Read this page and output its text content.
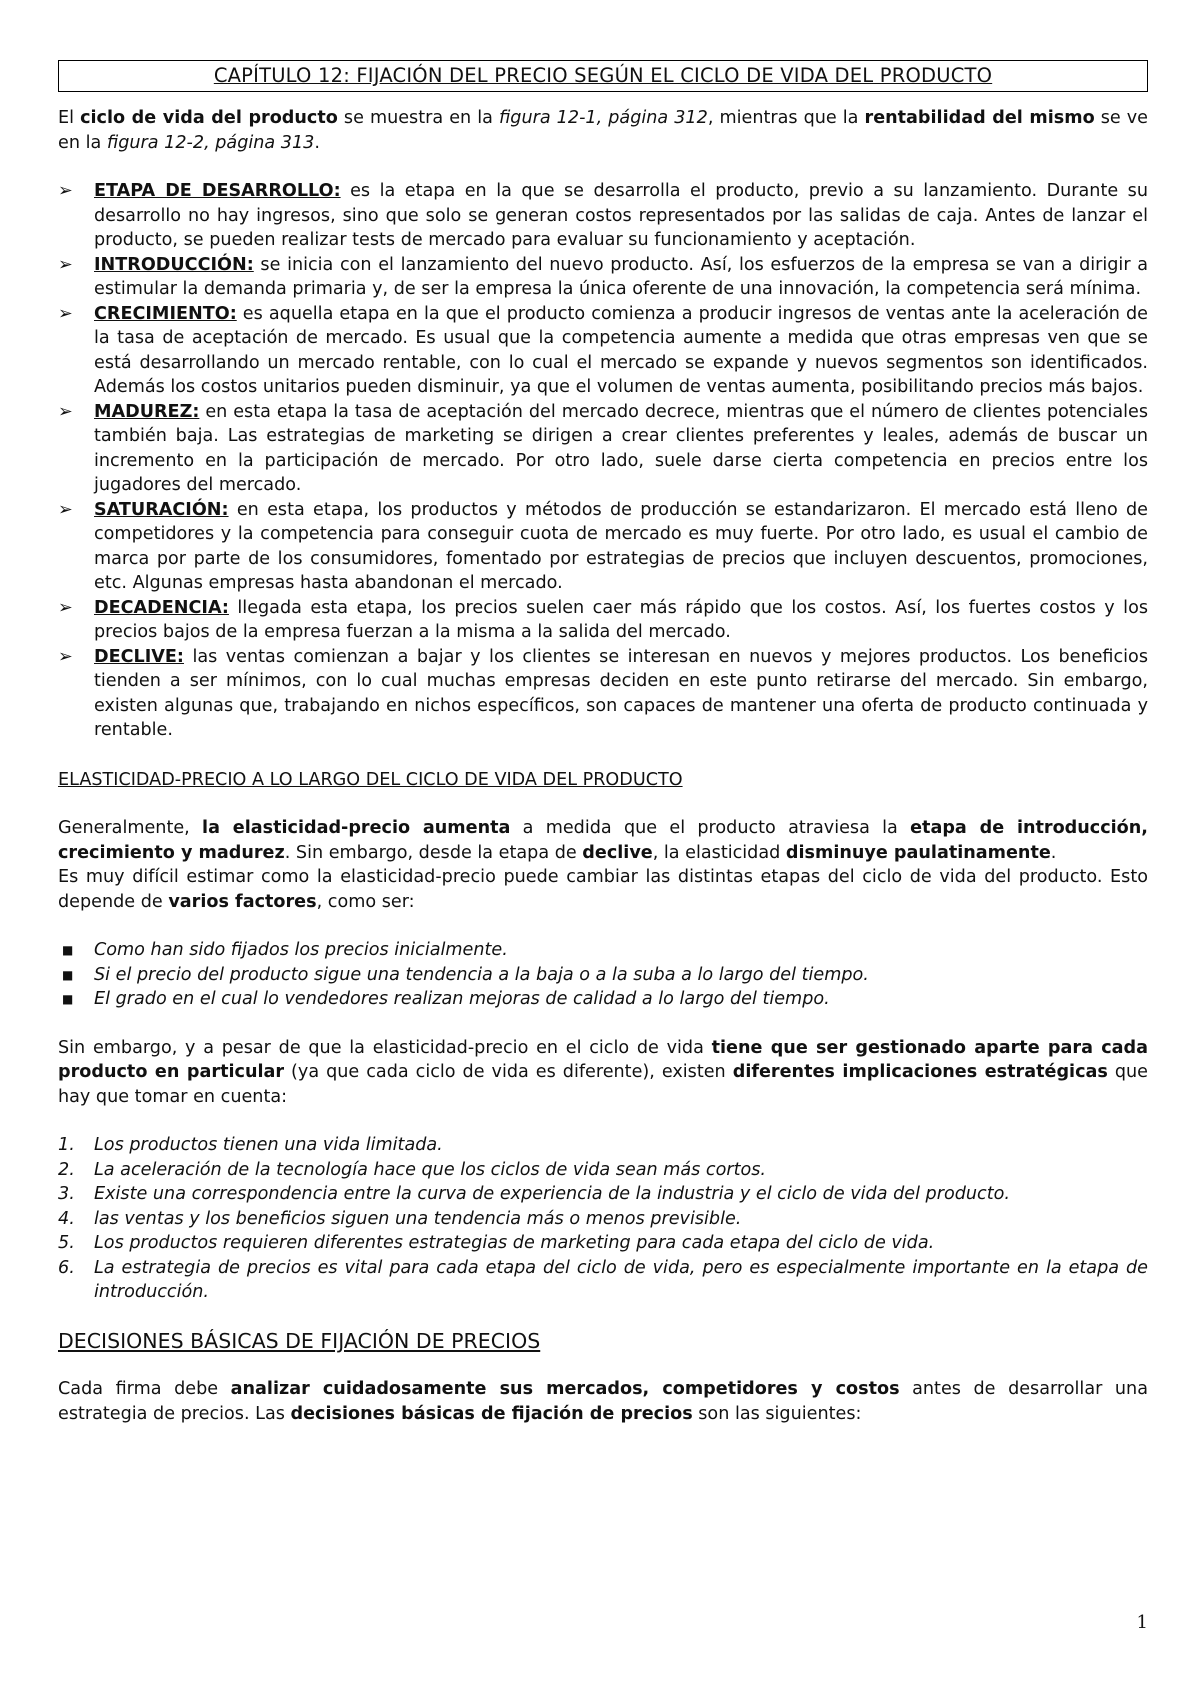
CAPÍTULO 12: FIJACIÓN DEL PRECIO SEGÚN EL CICLO DE VIDA DEL PRODUCTO

El ciclo de vida del producto se muestra en la figura 12-1, página 312, mientras que la rentabilidad del mismo se ve en la figura 12-2, página 313.

➢ ETAPA DE DESARROLLO: es la etapa en la que se desarrolla el producto, previo a su lanzamiento. Durante su desarrollo no hay ingresos, sino que solo se generan costos representados por las salidas de caja. Antes de lanzar el producto, se pueden realizar tests de mercado para evaluar su funcionamiento y aceptación.
➢ INTRODUCCIÓN: se inicia con el lanzamiento del nuevo producto. Así, los esfuerzos de la empresa se van a dirigir a estimular la demanda primaria y, de ser la empresa la única oferente de una innovación, la competencia será mínima.
➢ CRECIMIENTO: es aquella etapa en la que el producto comienza a producir ingresos de ventas ante la aceleración de la tasa de aceptación de mercado. Es usual que la competencia aumente a medida que otras empresas ven que se está desarrollando un mercado rentable, con lo cual el mercado se expande y nuevos segmentos son identificados. Además los costos unitarios pueden disminuir, ya que el volumen de ventas aumenta, posibilitando precios más bajos.
➢ MADUREZ: en esta etapa la tasa de aceptación del mercado decrece, mientras que el número de clientes potenciales también baja. Las estrategias de marketing se dirigen a crear clientes preferentes y leales, además de buscar un incremento en la participación de mercado. Por otro lado, suele darse cierta competencia en precios entre los jugadores del mercado.
➢ SATURACIÓN: en esta etapa, los productos y métodos de producción se estandarizaron. El mercado está lleno de competidores y la competencia para conseguir cuota de mercado es muy fuerte. Por otro lado, es usual el cambio de marca por parte de los consumidores, fomentado por estrategias de precios que incluyen descuentos, promociones, etc. Algunas empresas hasta abandonan el mercado.
➢ DECADENCIA: llegada esta etapa, los precios suelen caer más rápido que los costos. Así, los fuertes costos y los precios bajos de la empresa fuerzan a la misma a la salida del mercado.
➢ DECLIVE: las ventas comienzan a bajar y los clientes se interesan en nuevos y mejores productos. Los beneficios tienden a ser mínimos, con lo cual muchas empresas deciden en este punto retirarse del mercado. Sin embargo, existen algunas que, trabajando en nichos específicos, son capaces de mantener una oferta de producto continuada y rentable.
ELASTICIDAD-PRECIO A LO LARGO DEL CICLO DE VIDA DEL PRODUCTO

Generalmente, la elasticidad-precio aumenta a medida que el producto atraviesa la etapa de introducción, crecimiento y madurez. Sin embargo, desde la etapa de declive, la elasticidad disminuye paulatinamente.

Es muy difícil estimar como la elasticidad-precio puede cambiar las distintas etapas del ciclo de vida del producto. Esto depende de varios factores, como ser:

■ Como han sido fijados los precios inicialmente.
■ Si el precio del producto sigue una tendencia a la baja o a la suba a lo largo del tiempo.
■ El grado en el cual lo vendedores realizan mejoras de calidad a lo largo del tiempo.

Sin embargo, y a pesar de que la elasticidad-precio en el ciclo de vida tiene que ser gestionado aparte para cada producto en particular (ya que cada ciclo de vida es diferente), existen diferentes implicaciones estratégicas que hay que tomar en cuenta:

1. Los productos tienen una vida limitada.
2. La aceleración de la tecnología hace que los ciclos de vida sean más cortos.
3. Existe una correspondencia entre la curva de experiencia de la industria y el ciclo de vida del producto.
4. las ventas y los beneficios siguen una tendencia más o menos previsible.
5. Los productos requieren diferentes estrategias de marketing para cada etapa del ciclo de vida.
6. La estrategia de precios es vital para cada etapa del ciclo de vida, pero es especialmente importante en la etapa de introducción.
DECISIONES BÁSICAS DE FIJACIÓN DE PRECIOS

Cada firma debe analizar cuidadosamente sus mercados, competidores y costos antes de desarrollar una estrategia de precios. Las decisiones básicas de fijación de precios son las siguientes:

1
